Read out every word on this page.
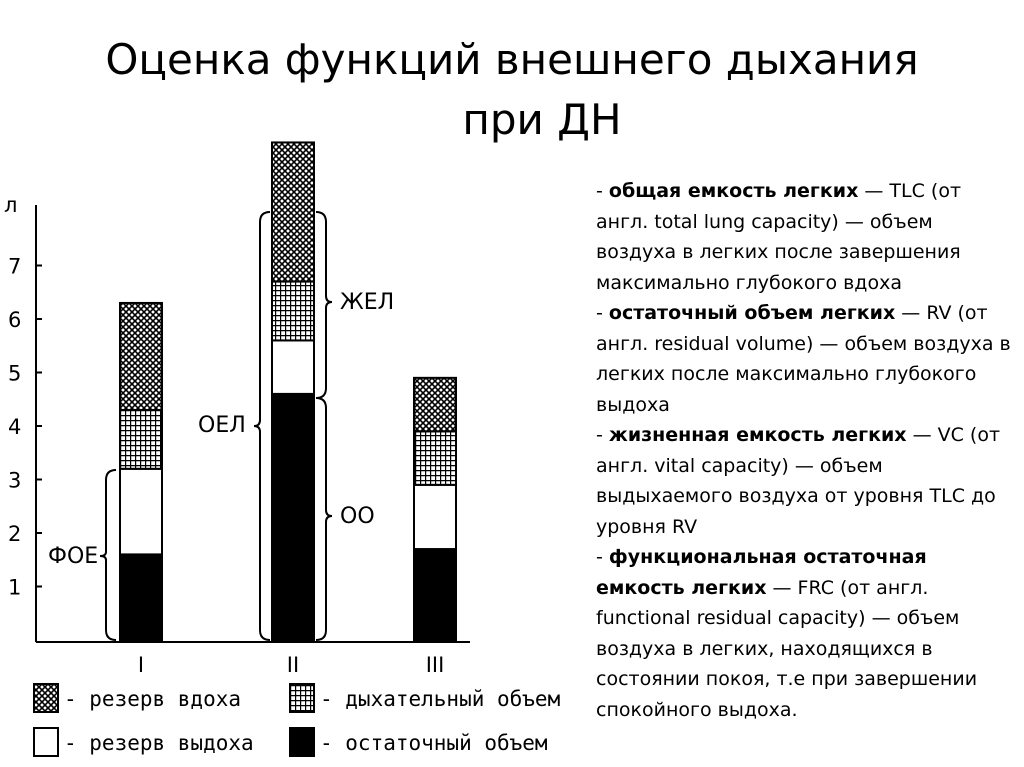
Оценка функций внешнего дыхания
при ДН
л
1
2
3
4
5
6
7
I	II	III
ФОЕ
ОЕЛ
ЖЕЛ
ОО
- резерв вдоха	- дыхательный объем
- резерв выдоха	- остаточный объем

- общая емкость легких — TLC (от англ. total lung capacity) — объем воздуха в легких после завершения максимально глубокого вдоха

- остаточный объем легких — RV (от англ. residual volume) — объем воздуха в легких после максимально глубокого выдоха

- жизненная емкость легких — VC (от англ. vital capacity) — объем выдыхаемого воздуха от уровня TLC до уровня RV

- функциональная остаточная емкость легких — FRC (от англ. functional residual capacity) — объем воздуха в легких, находящихся в состоянии покоя, т.е при завершении спокойного выдоха.
